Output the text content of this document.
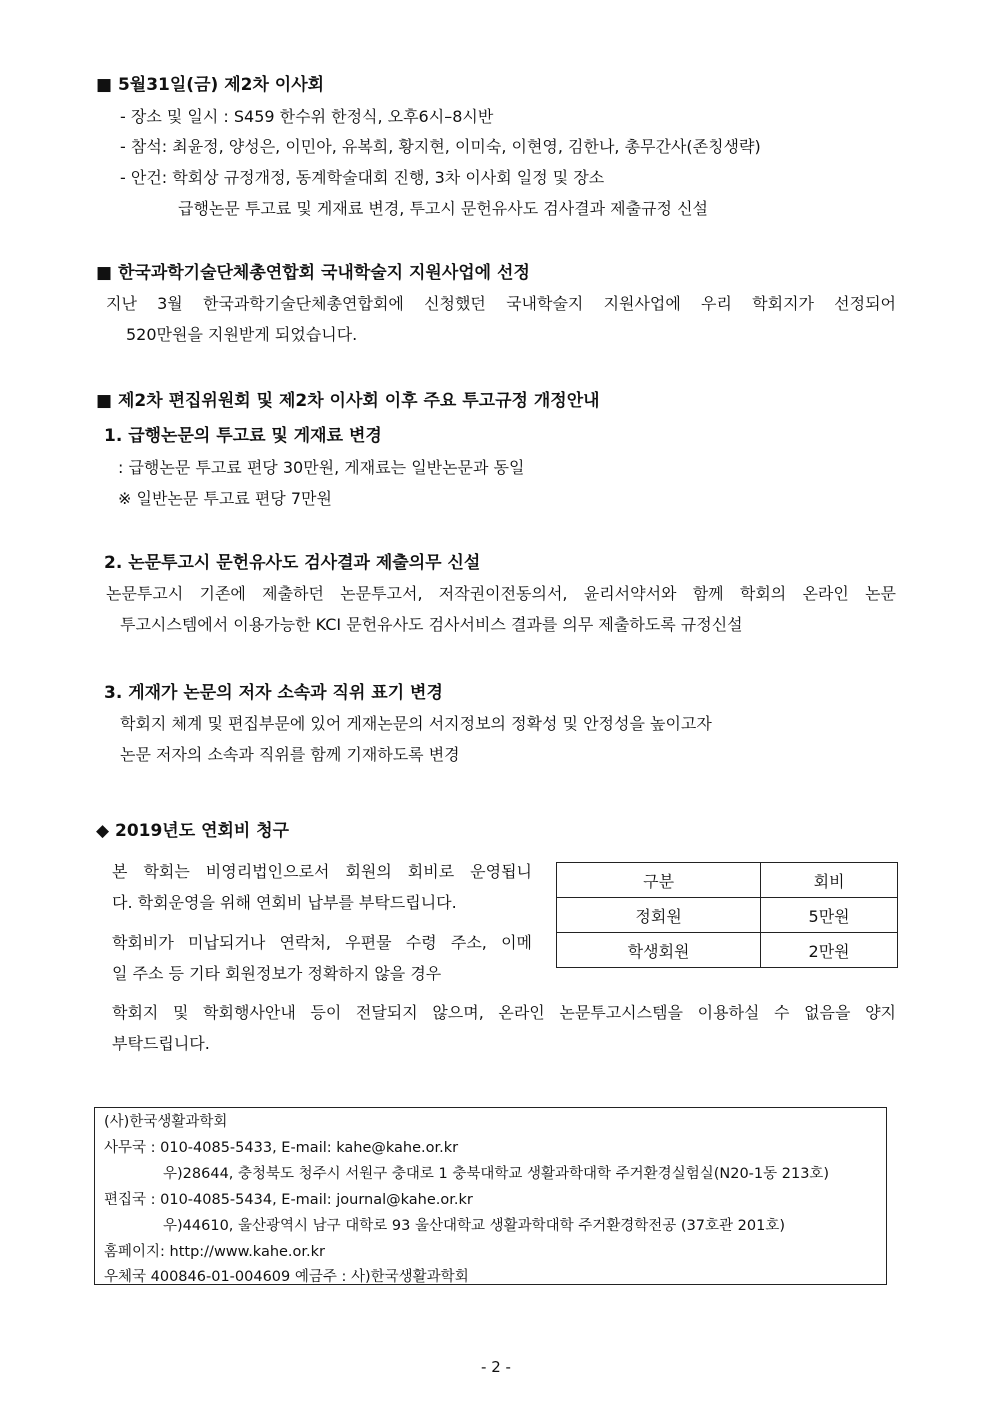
■ 5월31일(금) 제2차 이사회
- 장소 및 일시 : S459 한수위 한정식, 오후6시–8시반
- 참석: 최윤정, 양성은, 이민아, 유복희, 황지현, 이미숙, 이현영, 김한나, 총무간사(존칭생략)
- 안건: 학회상 규정개정, 동계학술대회 진행, 3차 이사회 일정 및 장소
급행논문 투고료 및 게재료 변경, 투고시 문헌유사도 검사결과 제출규정 신설
■ 한국과학기술단체총연합회 국내학술지 지원사업에 선정
지난 3월 한국과학기술단체총연합회에 신청했던 국내학술지 지원사업에 우리 학회지가 선정되어
520만원을 지원받게 되었습니다.
■ 제2차 편집위원회 및 제2차 이사회 이후 주요 투고규정 개정안내
1. 급행논문의 투고료 및 게재료 변경
: 급행논문 투고료 편당 30만원, 게재료는 일반논문과 동일
※ 일반논문 투고료 편당 7만원
2. 논문투고시 문헌유사도 검사결과 제출의무 신설
논문투고시 기존에 제출하던 논문투고서, 저작권이전동의서, 윤리서약서와 함께 학회의 온라인 논문
투고시스템에서 이용가능한 KCI 문헌유사도 검사서비스 결과를 의무 제출하도록 규정신설
3. 게재가 논문의 저자 소속과 직위 표기 변경
학회지 체계 및 편집부문에 있어 게재논문의 서지정보의 정확성 및 안정성을 높이고자
논문 저자의 소속과 직위를 함께 기재하도록 변경
◆ 2019년도 연회비 청구
본 학회는 비영리법인으로서 회원의 회비로 운영됩니
다. 학회운영을 위해 연회비 납부를 부탁드립니다.
학회비가 미납되거나 연락처, 우편물 수령 주소, 이메
일 주소 등 기타 회원정보가 정확하지 않을 경우
학회지 및 학회행사안내 등이 전달되지 않으며, 온라인 논문투고시스템을 이용하실 수 없음을 양지
부탁드립니다.
구분	회비
정회원	5만원
학생회원	2만원
(사)한국생활과학회
사무국 : 010-4085-5433, E-mail: kahe@kahe.or.kr
우)28644, 충청북도 청주시 서원구 충대로 1 충북대학교 생활과학대학 주거환경실험실(N20-1동 213호)
편집국 : 010-4085-5434, E-mail: journal@kahe.or.kr
우)44610, 울산광역시 남구 대학로 93 울산대학교 생활과학대학 주거환경학전공 (37호관 201호)
홈페이지: http://www.kahe.or.kr
우체국 400846-01-004609 예금주 : 사)한국생활과학회
- 2 -
